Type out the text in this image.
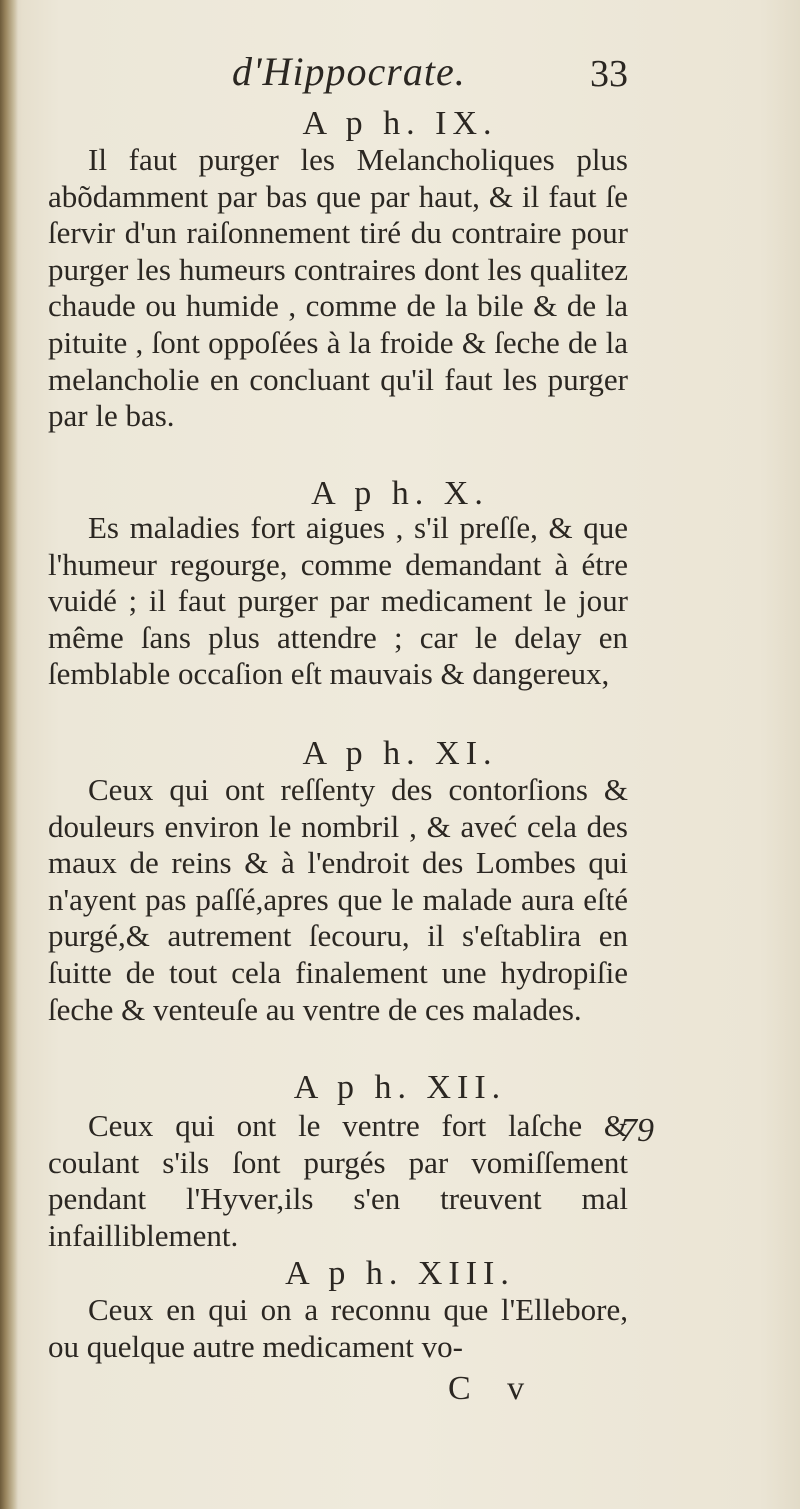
d'Hippocrate.	33
A p h. IX.

Il faut purger les Melancholiques plus abõdamment par bas que par haut, & il faut ſe ſervir d'un raiſonnement tiré du contraire pour purger les humeurs contraires dont les qualitez chaude ou humide , comme de la bile & de la pituite , ſont oppoſées à la froide & ſeche de la melancholie en concluant qu'il faut les purger par le bas.

A p h. X.

Es maladies fort aigues , s'il preſſe, & que l'humeur regourge, comme demandant à étre vuidé ; il faut purger par medicament le jour même ſans plus attendre ; car le delay en ſemblable occaſion eſt mauvais & dangereux,

A p h. XI.

Ceux qui ont reſſenty des contorſions & douleurs environ le nombril , & aveć cela des maux de reins & à l'endroit des Lombes qui n'ayent pas paſſé,apres que le malade aura eſté purgé,& autrement ſecouru, il s'eſtablira en ſuitte de tout cela finalement une hydropiſie ſeche & venteuſe au ventre de ces malades.

A p h. XII.

Ceux qui ont le ventre fort laſche & coulant s'ils ſont purgés par vomiſſement pendant l'Hyver,ils s'en treuvent mal infailliblement.

79
A p h. XIII.

Ceux en qui on a reconnu que l'Ellebore, ou quelque autre medicament vo-

C v
